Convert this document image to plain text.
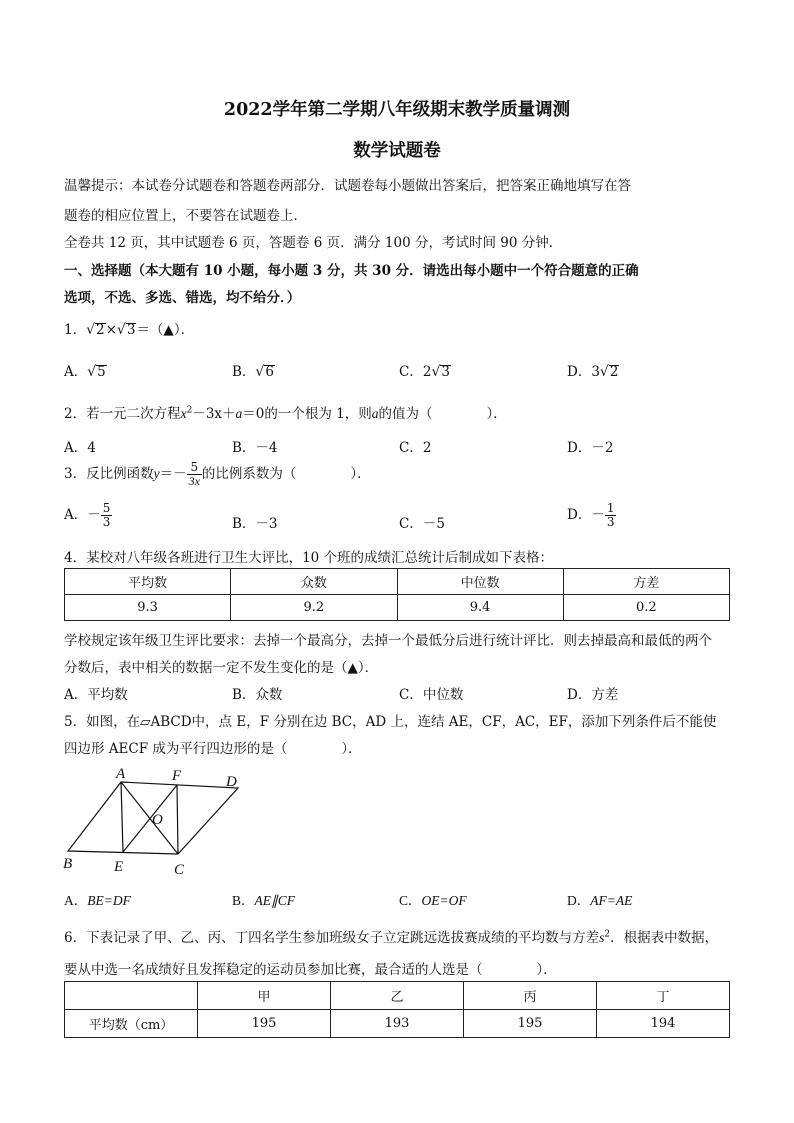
2022学年第二学期八年级期末教学质量调测
数学试题卷
温馨提示：本试卷分试题卷和答题卷两部分．试题卷每小题做出答案后，把答案正确地填写在答
题卷的相应位置上，不要答在试题卷上．
全卷共 12 页，其中试题卷 6 页，答题卷 6 页．满分 100 分，考试时间 90 分钟．
一、选择题（本大题有 10 小题，每小题 3 分，共 30 分．请选出每小题中一个符合题意的正确
选项，不选、多选、错选，均不给分．）
1．√2×√3＝（▲）．
A．√5	B．√6	C．2√3	D．3√2
2．若一元二次方程$x^2-3x+a=0$的一个根为 1，则a的值为（　　　　）．
A．4	B．－4	C．2	D．－2
3．反比例函数$y=- \frac{5}{3x}$ 的比例系数为（　　　　）．
A．－ $\frac{5}{3}$	B．－3	C．－5
D．－ $\frac{1}{3}$
4．某校对八年级各班进行卫生大评比，10 个班的成绩汇总统计后制成如下表格：
平均数	众数	中位数	方差
9.3	9.2	9.4	0.2
学校规定该年级卫生评比要求：去掉一个最高分，去掉一个最低分后进行统计评比．则去掉最高和最低的两个
分数后，表中相关的数据一定不发生变化的是（▲）．
A．平均数	B．众数	C．中位数	D．方差
5．如图，在▱ABCD中，点 E，F 分别在边 BC，AD 上，连结 AE，CF，AC，EF，添加下列条件后不能使
四边形 AECF 成为平行四边形的是（　　　　）．
A	F	D
O
B	E	C
A．BE=DF	B．AE∥CF	C．OE=OF	D．AF=AE
6．下表记录了甲、乙、丙、丁四名学生参加班级女子立定跳远选拔赛成绩的平均数与方差$s^2$．根据表中数据，
要从中选一名成绩好且发挥稳定的运动员参加比赛，最合适的人选是（　　　　）．
	甲	乙	丙	丁
平均数（cm）	195	193	195	194
